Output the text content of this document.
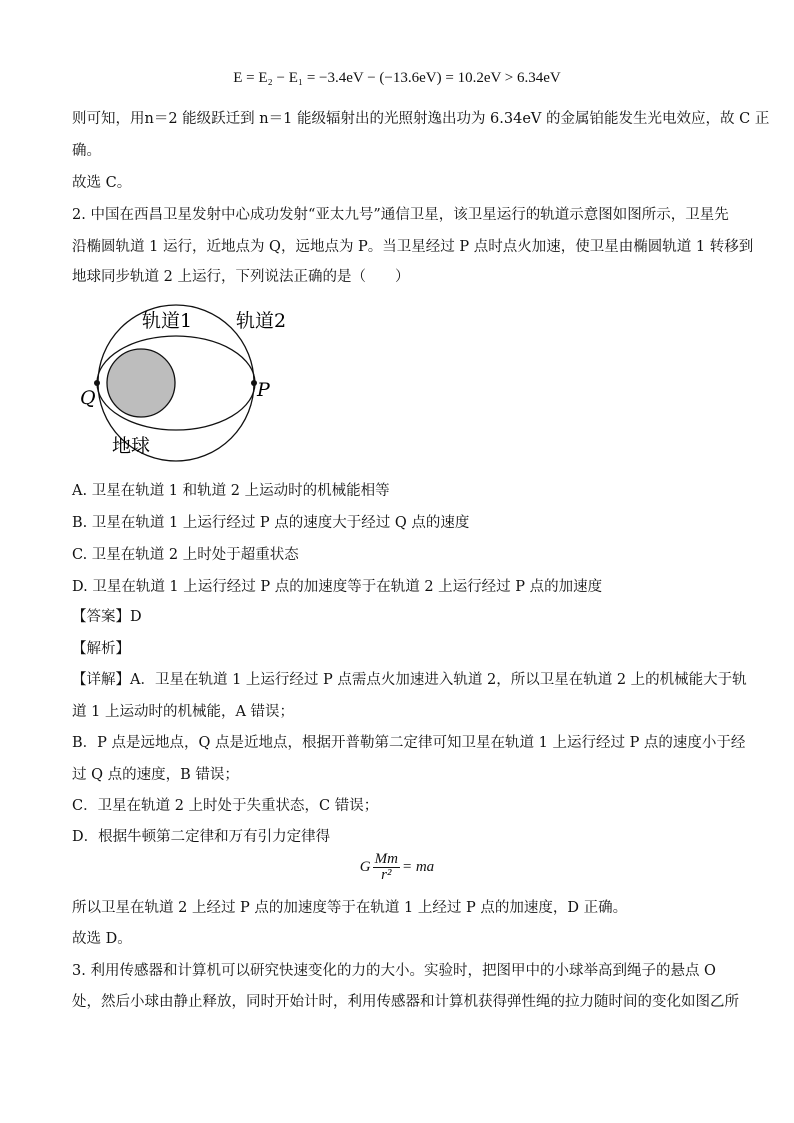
E = E₂ − E₁ = −3.4eV − (−13.6eV) = 10.2eV > 6.34eV
则可知，用n＝2 能级跃迁到 n＝1 能级辐射出的光照射逸出功为 6.34eV 的金属铂能发生光电效应，故 C 正
确。
故选 C。
2. 中国在西昌卫星发射中心成功发射“亚太九号”通信卫星，该卫星运行的轨道示意图如图所示，卫星先
沿椭圆轨道 1 运行，近地点为 Q，远地点为 P。当卫星经过 P 点时点火加速，使卫星由椭圆轨道 1 转移到
地球同步轨道 2 上运行，下列说法正确的是（　　）
轨道1 轨道2
Q	P
地球
A. 卫星在轨道 1 和轨道 2 上运动时的机械能相等
B. 卫星在轨道 1 上运行经过 P 点的速度大于经过 Q 点的速度
C. 卫星在轨道 2 上时处于超重状态
D. 卫星在轨道 1 上运行经过 P 点的加速度等于在轨道 2 上运行经过 P 点的加速度
【答案】D
【解析】
【详解】A．卫星在轨道 1 上运行经过 P 点需点火加速进入轨道 2，所以卫星在轨道 2 上的机械能大于轨
道 1 上运动时的机械能，A 错误；
B．P 点是远地点，Q 点是近地点，根据开普勒第二定律可知卫星在轨道 1 上运行经过 P 点的速度小于经
过 Q 点的速度，B 错误；
C．卫星在轨道 2 上时处于失重状态，C 错误；
D．根据牛顿第二定律和万有引力定律得
G $\frac{Mm}{\text{r²}}$ = ma
所以卫星在轨道 2 上经过 P 点的加速度等于在轨道 1 上经过 P 点的加速度，D 正确。
故选 D。
3. 利用传感器和计算机可以研究快速变化的力的大小。实验时，把图甲中的小球举高到绳子的悬点 O
处，然后小球由静止释放，同时开始计时，利用传感器和计算机获得弹性绳的拉力随时间的变化如图乙所
